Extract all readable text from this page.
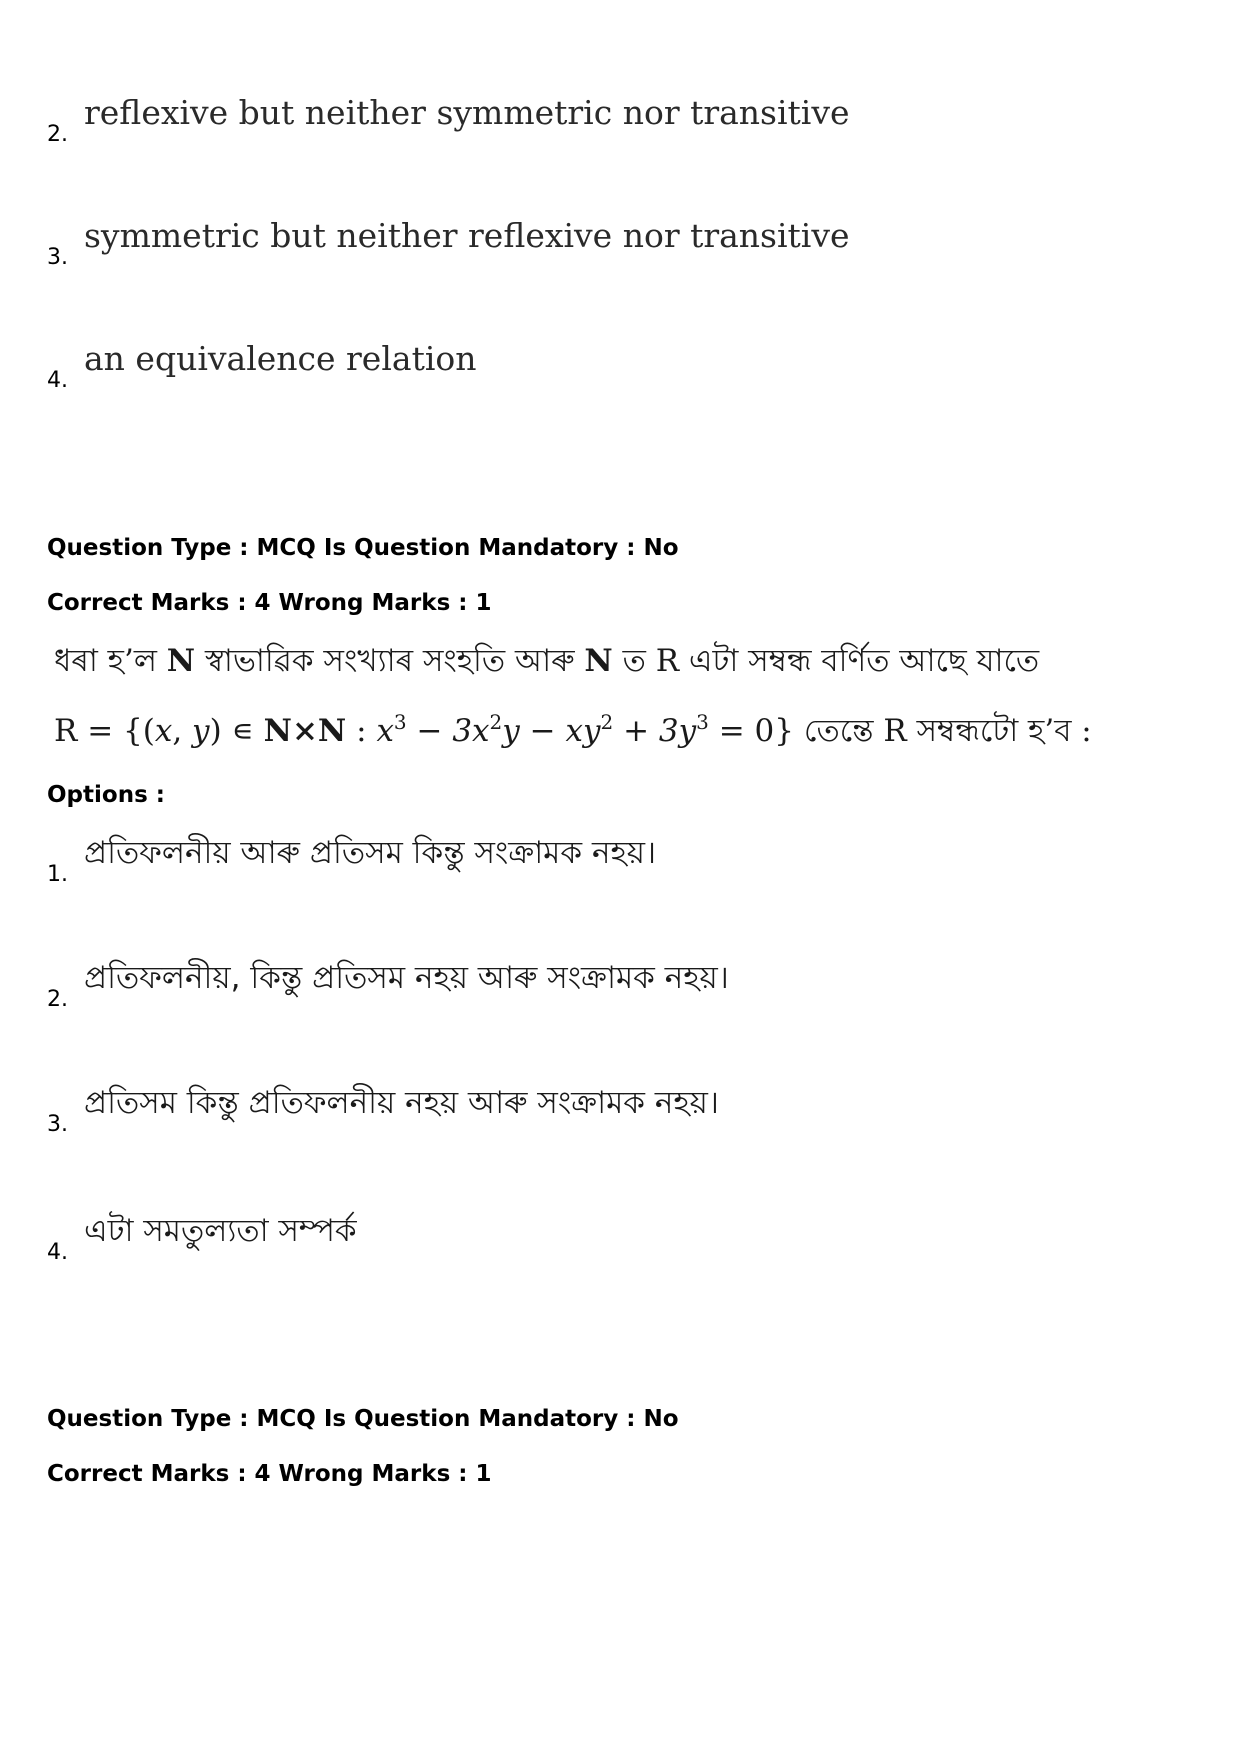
2.
reflexive but neither symmetric nor transitive
3.
symmetric but neither reflexive nor transitive
4.
an equivalence relation
Question Type : MCQ Is Question Mandatory : No
Correct Marks : 4 Wrong Marks : 1
ধৰা হ’ল N স্বাভাৱিক সংখ্যাৰ সংহতি আৰু N ত R এটা সম্বন্ধ বৰ্ণিত আছে যাতে
R = {(x, y) ∊ N×N : $x^3 - 3x^2y - xy^2 + 3y^3 = 0$} তেন্তে R সম্বন্ধটো হ’ব :
Options :
1.
প্ৰতিফলনীয় আৰু প্ৰতিসম কিন্তু সংক্ৰামক নহয়।
2.
প্ৰতিফলনীয়, কিন্তু প্ৰতিসম নহয় আৰু সংক্ৰামক নহয়।
3.
প্ৰতিসম কিন্তু প্ৰতিফলনীয় নহয় আৰু সংক্ৰামক নহয়।
4.
এটা সমতুল্যতা সম্পৰ্ক
Question Type : MCQ Is Question Mandatory : No
Correct Marks : 4 Wrong Marks : 1
